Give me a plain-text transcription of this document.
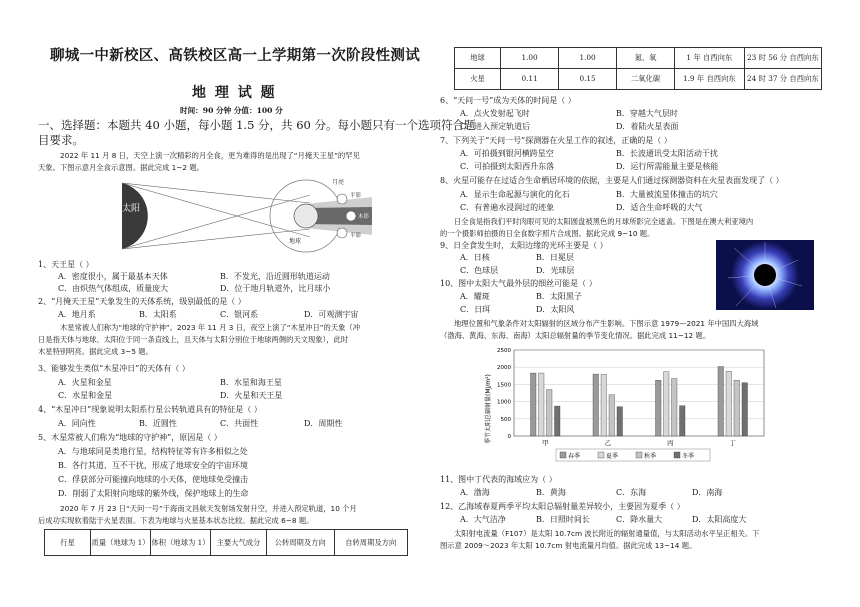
聊城一中新校区、高铁校区高一上学期第一次阶段性测试
地 理 试 题
时间：90 分钟 分值：100 分
一、选择题：本题共 40 小题，每小题 1.5 分，共 60 分。每小题只有一个选项符合题
目要求。
2022 年 11 月 8 日，天空上演一次精彩的月全食，更为难得的是出现了“月掩天王星”的罕见
天象。下图示意月全食示意图。据此完成 1~2 题。
太阳
地球
月亮
半影
本影
半影
1、天王星（ ）
A．密度很小，属于最基本天体	B．不发光，沿近圆形轨道运动
C．由炽热气体组成，质量庞大	D．位于地月轨道外，比月球小
2、“月掩天王星”天象发生的天体系统，级别最低的是（ ）
A．地月系	B．太阳系	C．银河系	D．可观测宇宙
木星常被人们称为“地球的守护神”。2023 年 11 月 3 日，夜空上演了“木星冲日”的天象（冲
日是指天体与地球、太阳位于同一条直线上，且天体与太阳分别位于地球两侧的天文现象），此时
木星特别明亮。据此完成 3~5 题。
3、能够发生类似“木星冲日”的天体有（ ）
A．火星和金星	B．水星和海王星
C．水星和金星	D．火星和天王星
4、“木星冲日”现象说明太阳系行星公转轨道具有的特征是（ ）
A．同向性	B．近圆性	C．共面性	D．周期性
5、木星常被人们称为“地球的守护神”，原因是（ ）
A．与地球同是类地行星，结构特征等有许多相似之处
B．各行其道、互不干扰，形成了地球安全的宇宙环境
C．俘获部分可能撞向地球的小天体，使地球免受撞击
D．削弱了太阳射向地球的紫外线，保护地球上的生命
2020 年 7 月 23 日“天问一号”于海南文昌航天发射场发射升空，并进入预定轨道，10 个月
后成功实现软着陆于火星表面。下表为地球与火星基本状态比较。据此完成 6~8 题。
行星	质量（地球为 1）	体积（地球为 1）	主要大气成分	公转周期及方向	自转周期及方向
地球	1.00	1.00	氮、氧	1 年 自西向东	23 时 56 分 自西向东
火星	0.11	0.15	二氧化碳	1.9 年 自西向东	24 时 37 分 自西向东
6、“天问一号”成为天体的时间是（ ）
A．点火发射起飞时	B．穿越大气层时
C．进入预定轨道后	D．着陆火星表面
7、下列关于“天问一号”探测器在火星工作的叙述，正确的是（ ）
A．可拍摄到银河横跨星空	B．长波通讯受太阳活动干扰
C．可拍摄到太阳西升东落	D．运行所需能量主要是核能
8、火星可能存在过适合生命栖居环境的依据，主要是人们通过探测器资料在火星表面发现了（ ）
A．显示生命起源与演化的化石	B．大量被流星体撞击的坑穴
C．有普遍水浸润过的迹象	D．适合生命呼吸的大气
日全食是指我们平时肉眼可见的太阳圆盘被黑色的月球所影完全遮盖。下图是在澳大利亚境内
的一个摄影师拍摄的日全食数字照片合成图。据此完成 9~10 题。
9、日全食发生时，太阳边缘的光环主要是（ ）
A．日核	B．日冕层
C．色球层	D．光球层
10、图中太阳大气最外层的细丝可能是（ ）
A．耀斑	B．太阳黑子
C．日珥	D．太阳风
地理位置和气象条件对太阳辐射的区域分布产生影响。下图示意 1979—2021 年中国四大海域
（渤海、黄海、东海、南海）太阳总辐射量的季节变化情况。据此完成 11~12 题。
季节太阳总辐射量(MJ/m²)	0
500
1000
1500
2000
2500
甲	乙	丙	丁
春季	夏季	秋季	冬季
11、图中丁代表的海域应为（ ）
A．渤海	B．黄海	C．东海	D．南海
12、乙海域春夏两季平均太阳总辐射量差异较小，主要因为夏季（ ）
A．大气洁净	B．日照时间长	C．降水量大	D．太阳高度大
太阳射电流量（F107）是太阳 10.7cm 波长附近的辐射通量值，与太阳活动水平呈正相关。下
图示意 2009～2023 年太阳 10.7cm 射电流量月均值。据此完成 13~14 题。
